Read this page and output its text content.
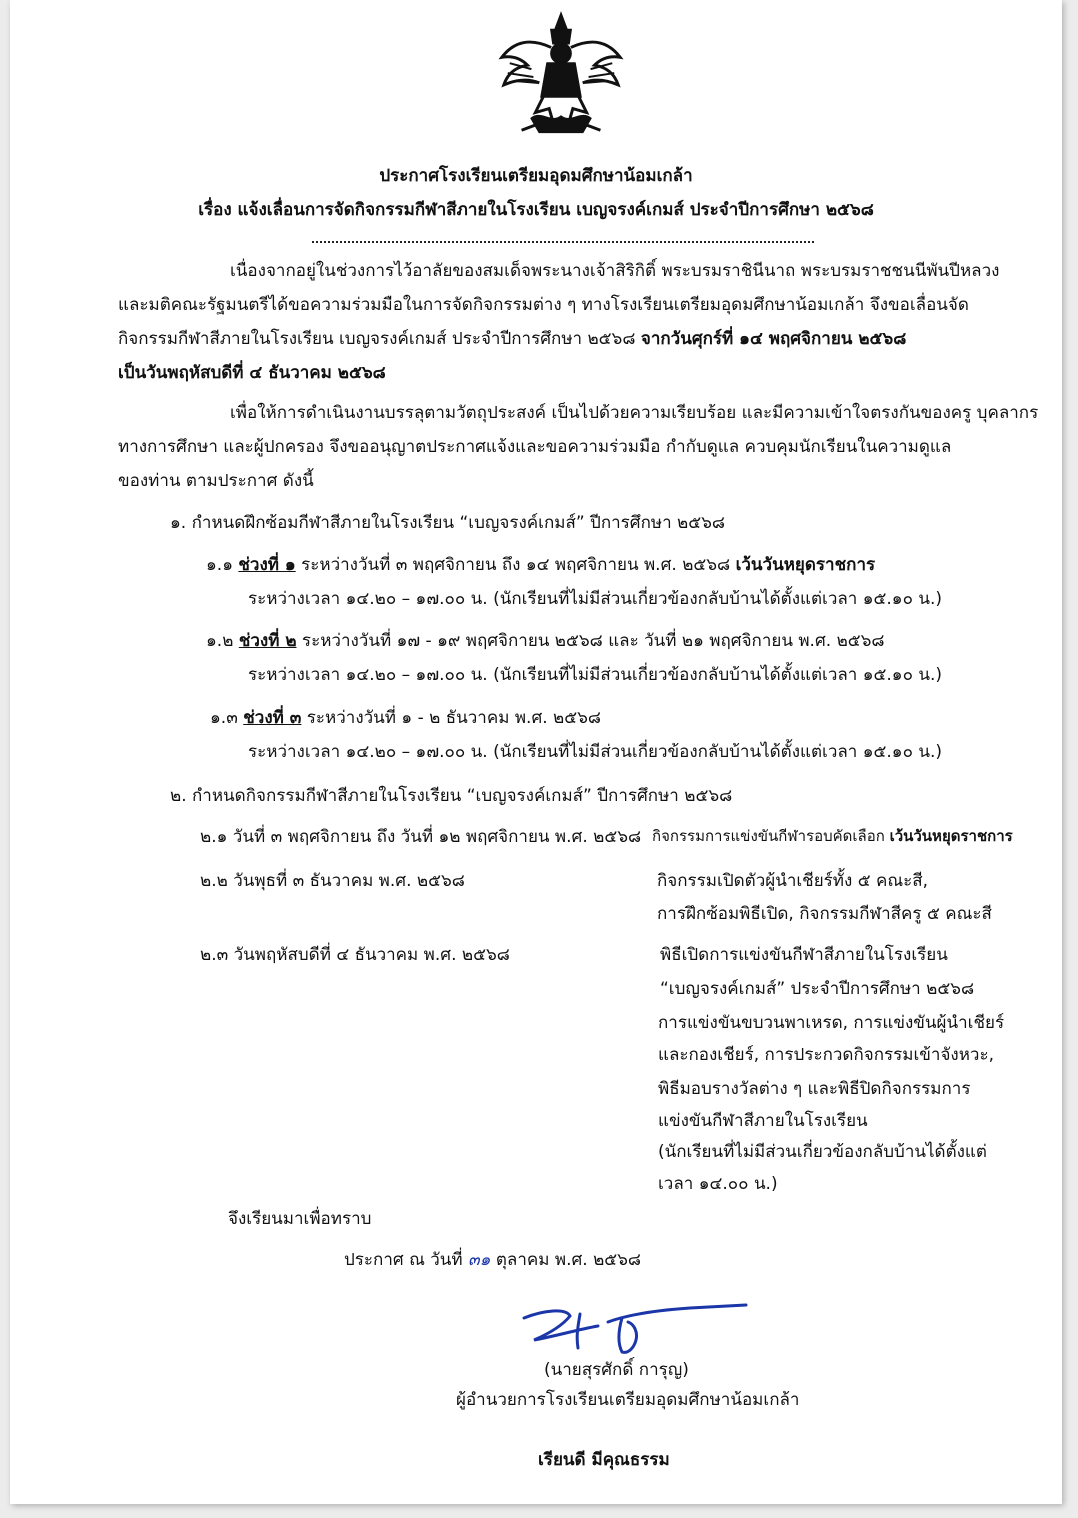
ประกาศโรงเรียนเตรียมอุดมศึกษาน้อมเกล้า
เรื่อง แจ้งเลื่อนการจัดกิจกรรมกีฬาสีภายในโรงเรียน เบญจรงค์เกมส์ ประจำปีการศึกษา ๒๕๖๘
เนื่องจากอยู่ในช่วงการไว้อาลัยของสมเด็จพระนางเจ้าสิริกิติ์ พระบรมราชินีนาถ พระบรมราชชนนีพันปีหลวง
และมติคณะรัฐมนตรีได้ขอความร่วมมือในการจัดกิจกรรมต่าง ๆ ทางโรงเรียนเตรียมอุดมศึกษาน้อมเกล้า จึงขอเลื่อนจัด
กิจกรรมกีฬาสีภายในโรงเรียน เบญจรงค์เกมส์ ประจำปีการศึกษา ๒๕๖๘ จากวันศุกร์ที่ ๑๔ พฤศจิกายน ๒๕๖๘
เป็นวันพฤหัสบดีที่ ๔ ธันวาคม ๒๕๖๘
เพื่อให้การดำเนินงานบรรลุตามวัตถุประสงค์ เป็นไปด้วยความเรียบร้อย และมีความเข้าใจตรงกันของครู บุคลากร
ทางการศึกษา และผู้ปกครอง จึงขออนุญาตประกาศแจ้งและขอความร่วมมือ กำกับดูแล ควบคุมนักเรียนในความดูแล
ของท่าน ตามประกาศ ดังนี้
๑. กำหนดฝึกซ้อมกีฬาสีภายในโรงเรียน “เบญจรงค์เกมส์” ปีการศึกษา ๒๕๖๘
๑.๑ ช่วงที่ ๑ ระหว่างวันที่ ๓ พฤศจิกายน ถึง ๑๔ พฤศจิกายน พ.ศ. ๒๕๖๘ เว้นวันหยุดราชการ
ระหว่างเวลา ๑๔.๒๐ – ๑๗.๐๐ น. (นักเรียนที่ไม่มีส่วนเกี่ยวข้องกลับบ้านได้ตั้งแต่เวลา ๑๕.๑๐ น.)
๑.๒ ช่วงที่ ๒ ระหว่างวันที่ ๑๗ - ๑๙ พฤศจิกายน ๒๕๖๘ และ วันที่ ๒๑ พฤศจิกายน พ.ศ. ๒๕๖๘
ระหว่างเวลา ๑๔.๒๐ – ๑๗.๐๐ น. (นักเรียนที่ไม่มีส่วนเกี่ยวข้องกลับบ้านได้ตั้งแต่เวลา ๑๕.๑๐ น.)
๑.๓ ช่วงที่ ๓ ระหว่างวันที่ ๑ - ๒ ธันวาคม พ.ศ. ๒๕๖๘
ระหว่างเวลา ๑๔.๒๐ – ๑๗.๐๐ น. (นักเรียนที่ไม่มีส่วนเกี่ยวข้องกลับบ้านได้ตั้งแต่เวลา ๑๕.๑๐ น.)
๒. กำหนดกิจกรรมกีฬาสีภายในโรงเรียน “เบญจรงค์เกมส์” ปีการศึกษา ๒๕๖๘
๒.๑ วันที่ ๓ พฤศจิกายน ถึง วันที่ ๑๒ พฤศจิกายน พ.ศ. ๒๕๖๘ กิจกรรมการแข่งขันกีฬารอบคัดเลือก เว้นวันหยุดราชการ
๒.๒ วันพุธที่ ๓ ธันวาคม พ.ศ. ๒๕๖๘	กิจกรรมเปิดตัวผู้นำเชียร์ทั้ง ๕ คณะสี,
การฝึกซ้อมพิธีเปิด, กิจกรรมกีฬาสีครู ๕ คณะสี
๒.๓ วันพฤหัสบดีที่ ๔ ธันวาคม พ.ศ. ๒๕๖๘	พิธีเปิดการแข่งขันกีฬาสีภายในโรงเรียน
“เบญจรงค์เกมส์” ประจำปีการศึกษา ๒๕๖๘
การแข่งขันขบวนพาเหรด, การแข่งขันผู้นำเชียร์
และกองเชียร์, การประกวดกิจกรรมเข้าจังหวะ,
พิธีมอบรางวัลต่าง ๆ และพิธีปิดกิจกรรมการ
แข่งขันกีฬาสีภายในโรงเรียน
(นักเรียนที่ไม่มีส่วนเกี่ยวข้องกลับบ้านได้ตั้งแต่
เวลา ๑๔.๐๐ น.)
จึงเรียนมาเพื่อทราบ
ประกาศ ณ วันที่ ๓๑ ตุลาคม พ.ศ. ๒๕๖๘
(นายสุรศักดิ์ การุญ)
ผู้อำนวยการโรงเรียนเตรียมอุดมศึกษาน้อมเกล้า
เรียนดี มีคุณธรรม
